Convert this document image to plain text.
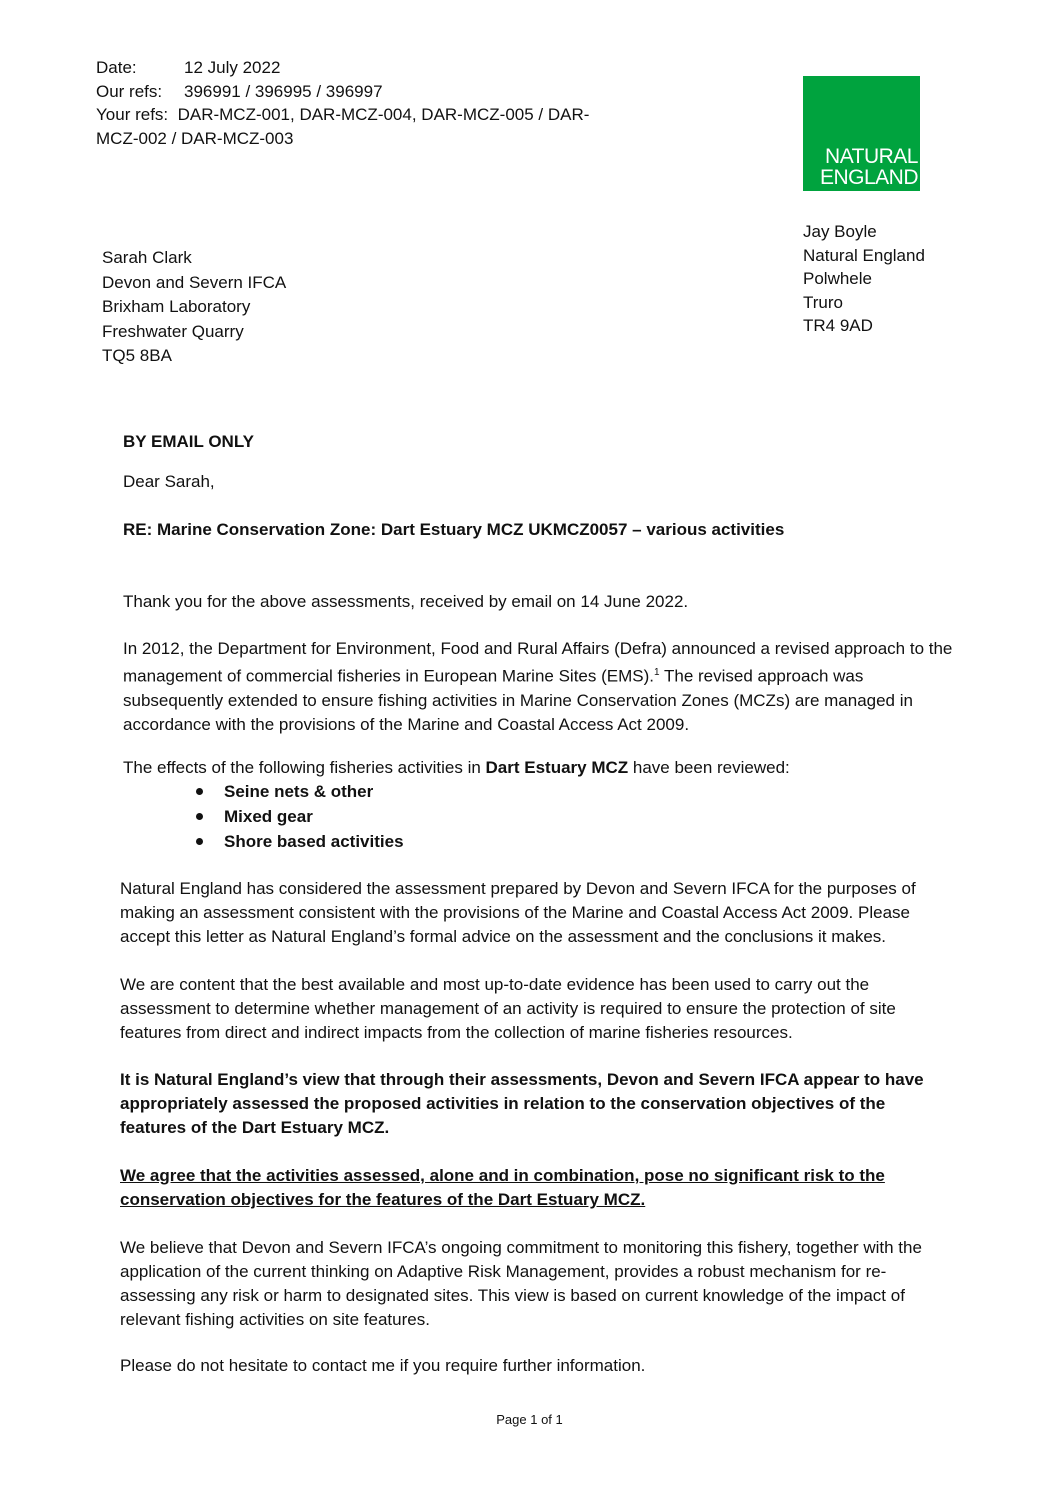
Date:	12 July 2022
Our refs: 396991 / 396995 / 396997
Your refs: DAR-MCZ-001, DAR-MCZ-004, DAR-MCZ-005 / DAR-
MCZ-002 / DAR-MCZ-003
NATURAL
ENGLAND
Jay Boyle
Natural England
Polwhele
Truro
TR4 9AD
Sarah Clark
Devon and Severn IFCA
Brixham Laboratory
Freshwater Quarry
TQ5 8BA
BY EMAIL ONLY
Dear Sarah,
RE: Marine Conservation Zone: Dart Estuary MCZ UKMCZ0057 – various activities
Thank you for the above assessments, received by email on 14 June 2022.
In 2012, the Department for Environment, Food and Rural Affairs (Defra) announced a revised approach to the management of commercial fisheries in European Marine Sites (EMS).$^1$ The revised approach was subsequently extended to ensure fishing activities in Marine Conservation Zones (MCZs) are managed in accordance with the provisions of the Marine and Coastal Access Act 2009.
The effects of the following fisheries activities in Dart Estuary MCZ have been reviewed:
Seine nets & other
Mixed gear
Shore based activities
Natural England has considered the assessment prepared by Devon and Severn IFCA for the purposes of making an assessment consistent with the provisions of the Marine and Coastal Access Act 2009. Please accept this letter as Natural England’s formal advice on the assessment and the conclusions it makes.
We are content that the best available and most up-to-date evidence has been used to carry out the assessment to determine whether management of an activity is required to ensure the protection of site features from direct and indirect impacts from the collection of marine fisheries resources.
It is Natural England’s view that through their assessments, Devon and Severn IFCA appear to have appropriately assessed the proposed activities in relation to the conservation objectives of the features of the Dart Estuary MCZ.
We agree that the activities assessed, alone and in combination, pose no significant risk to the conservation objectives for the features of the Dart Estuary MCZ.
We believe that Devon and Severn IFCA’s ongoing commitment to monitoring this fishery, together with the application of the current thinking on Adaptive Risk Management, provides a robust mechanism for re-assessing any risk or harm to designated sites. This view is based on current knowledge of the impact of relevant fishing activities on site features.
Please do not hesitate to contact me if you require further information.
Page 1 of 1
